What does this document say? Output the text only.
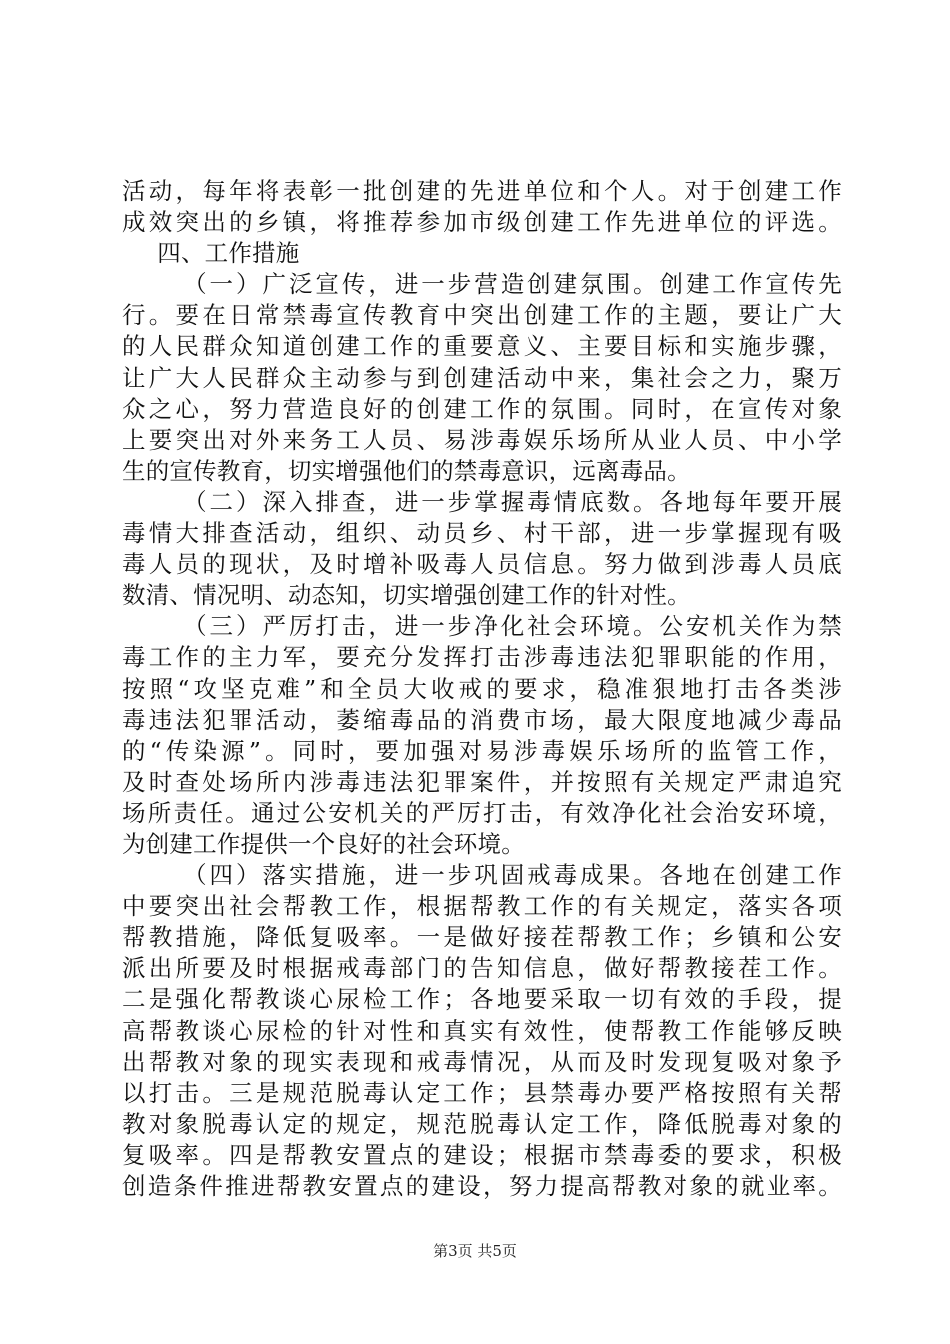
活动，每年将表彰一批创建的先进单位和个人。对于创建工作
成效突出的乡镇，将推荐参加市级创建工作先进单位的评选。
四、工作措施
（一）广泛宣传，进一步营造创建氛围。创建工作宣传先
行。要在日常禁毒宣传教育中突出创建工作的主题，要让广大
的人民群众知道创建工作的重要意义、主要目标和实施步骤，
让广大人民群众主动参与到创建活动中来，集社会之力，聚万
众之心，努力营造良好的创建工作的氛围。同时，在宣传对象
上要突出对外来务工人员、易涉毒娱乐场所从业人员、中小学
生的宣传教育，切实增强他们的禁毒意识，远离毒品。
（二）深入排查，进一步掌握毒情底数。各地每年要开展
毒情大排查活动，组织、动员乡、村干部，进一步掌握现有吸
毒人员的现状，及时增补吸毒人员信息。努力做到涉毒人员底
数清、情况明、动态知，切实增强创建工作的针对性。
（三）严厉打击，进一步净化社会环境。公安机关作为禁
毒工作的主力军，要充分发挥打击涉毒违法犯罪职能的作用，
按照“攻坚克难”和全员大收戒的要求，稳准狠地打击各类涉
毒违法犯罪活动，萎缩毒品的消费市场，最大限度地减少毒品
的“传染源”。同时，要加强对易涉毒娱乐场所的监管工作，
及时查处场所内涉毒违法犯罪案件，并按照有关规定严肃追究
场所责任。通过公安机关的严厉打击，有效净化社会治安环境，
为创建工作提供一个良好的社会环境。
（四）落实措施，进一步巩固戒毒成果。各地在创建工作
中要突出社会帮教工作，根据帮教工作的有关规定，落实各项
帮教措施，降低复吸率。一是做好接茬帮教工作；乡镇和公安
派出所要及时根据戒毒部门的告知信息，做好帮教接茬工作。
二是强化帮教谈心尿检工作；各地要采取一切有效的手段，提
高帮教谈心尿检的针对性和真实有效性，使帮教工作能够反映
出帮教对象的现实表现和戒毒情况，从而及时发现复吸对象予
以打击。三是规范脱毒认定工作；县禁毒办要严格按照有关帮
教对象脱毒认定的规定，规范脱毒认定工作，降低脱毒对象的
复吸率。四是帮教安置点的建设；根据市禁毒委的要求，积极
创造条件推进帮教安置点的建设，努力提高帮教对象的就业率。
第3页 共5页
